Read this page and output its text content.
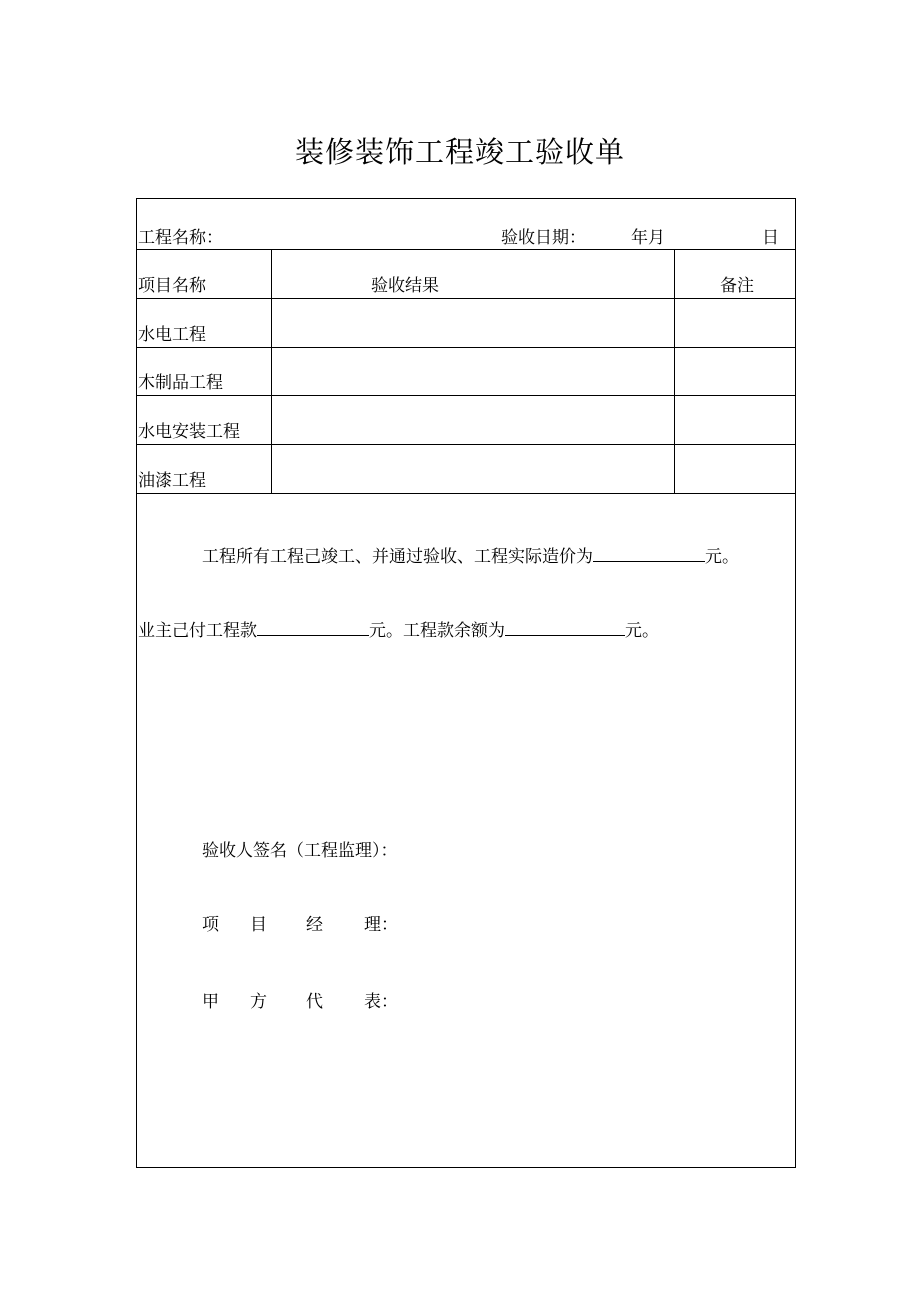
装修装饰工程竣工验收单
工程名称：	验收日期：	年月	日
项目名称	验收结果	备注
水电工程
木制品工程
水电安装工程
油漆工程
工程所有工程己竣工、并通过验收、工程实际造价为	元。
业主己付工程款	元。工程款余额为	元。
验收人签名（工程监理）：
项 目 经 理：
甲 方 代 表：
